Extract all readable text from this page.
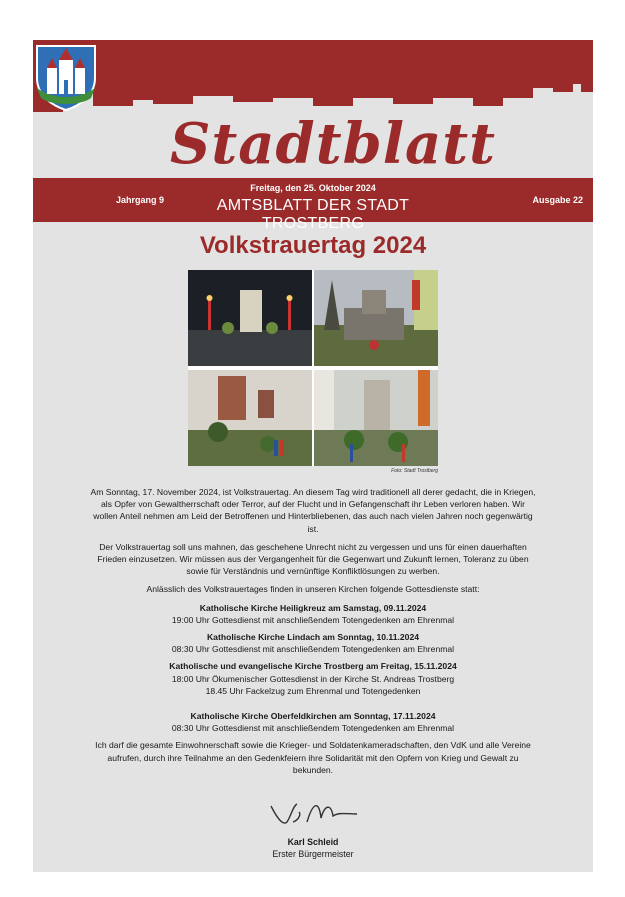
Stadtblatt
Jahrgang 9
Freitag, den 25. Oktober 2024
AMTSBLATT DER STADT TROSTBERG
Ausgabe 22
Volkstrauertag 2024
Foto: Stadt Trostberg

Am Sonntag, 17. November 2024, ist Volkstrauertag. An diesem Tag wird traditionell all derer gedacht, die in Kriegen, als Opfer von Gewaltherrschaft oder Terror, auf der Flucht und in Gefangenschaft ihr Leben verloren haben. Wir wollen Anteil nehmen am Leid der Betroffenen und Hinterbliebenen, das auch nach vielen Jahren noch gegenwärtig ist.

Der Volkstrauertag soll uns mahnen, das geschehene Unrecht nicht zu vergessen und uns für einen dauerhaften Frieden einzusetzen. Wir müssen aus der Vergangenheit für die Gegenwart und Zukunft lernen, Toleranz zu üben sowie für Verständnis und vernünftige Konfliktlösungen zu werben.

Anlässlich des Volkstrauertages finden in unseren Kirchen folgende Gottesdienste statt:

Katholische Kirche Heiligkreuz am Samstag, 09.11.2024
19:00 Uhr Gottesdienst mit anschließendem Totengedenken am Ehrenmal
Katholische Kirche Lindach am Sonntag, 10.11.2024
08:30 Uhr Gottesdienst mit anschließendem Totengedenken am Ehrenmal
Katholische und evangelische Kirche Trostberg am Freitag, 15.11.2024
18:00 Uhr Ökumenischer Gottesdienst in der Kirche St. Andreas Trostberg
18.45 Uhr Fackelzug zum Ehrenmal und Totengedenken
Katholische Kirche Oberfeldkirchen am Sonntag, 17.11.2024
08:30 Uhr Gottesdienst mit anschließendem Totengedenken am Ehrenmal

Ich darf die gesamte Einwohnerschaft sowie die Krieger- und Soldatenkameradschaften, den VdK und alle Vereine aufrufen, durch ihre Teilnahme an den Gedenkfeiern ihre Solidarität mit den Opfern von Krieg und Gewalt zu bekunden.

Karl Schleid
Erster Bürgermeister
